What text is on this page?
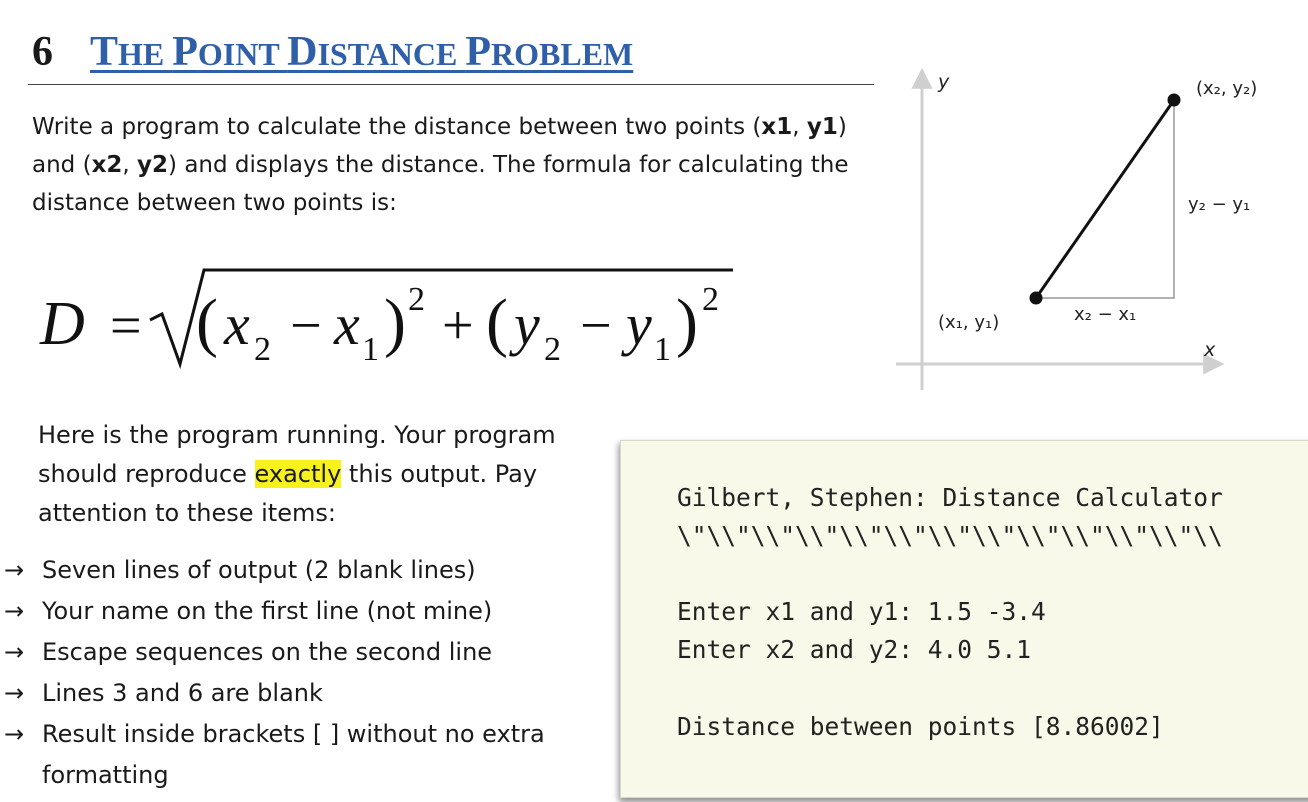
6 THE POINT DISTANCE PROBLEM
Write a program to calculate the distance between two points (x1, y1) and (x2, y2) and displays the distance. The formula for calculating the distance between two points is:
D = ( x 2 − x 1 ) 2 + ( y 2 − y 1 ) 2
Here is the program running. Your program should reproduce exactly this output. Pay attention to these items:
→ Seven lines of output (2 blank lines)
→ Your name on the first line (not mine)
→ Escape sequences on the second line
→ Lines 3 and 6 are blank
→ Result inside brackets [ ] without no extra formatting
Gilbert, Stephen: Distance Calculator
\"\\"\\"\\"\\"\\"\\"\\"\\"\\"\\"\\"\\
Enter x1 and y1: 1.5 -3.4
Enter x2 and y2: 4.0 5.1
Distance between points [8.86002]
y
x
(x₂, y₂)
(x₁, y₁)
y₂ − y₁
x₂ − x₁
